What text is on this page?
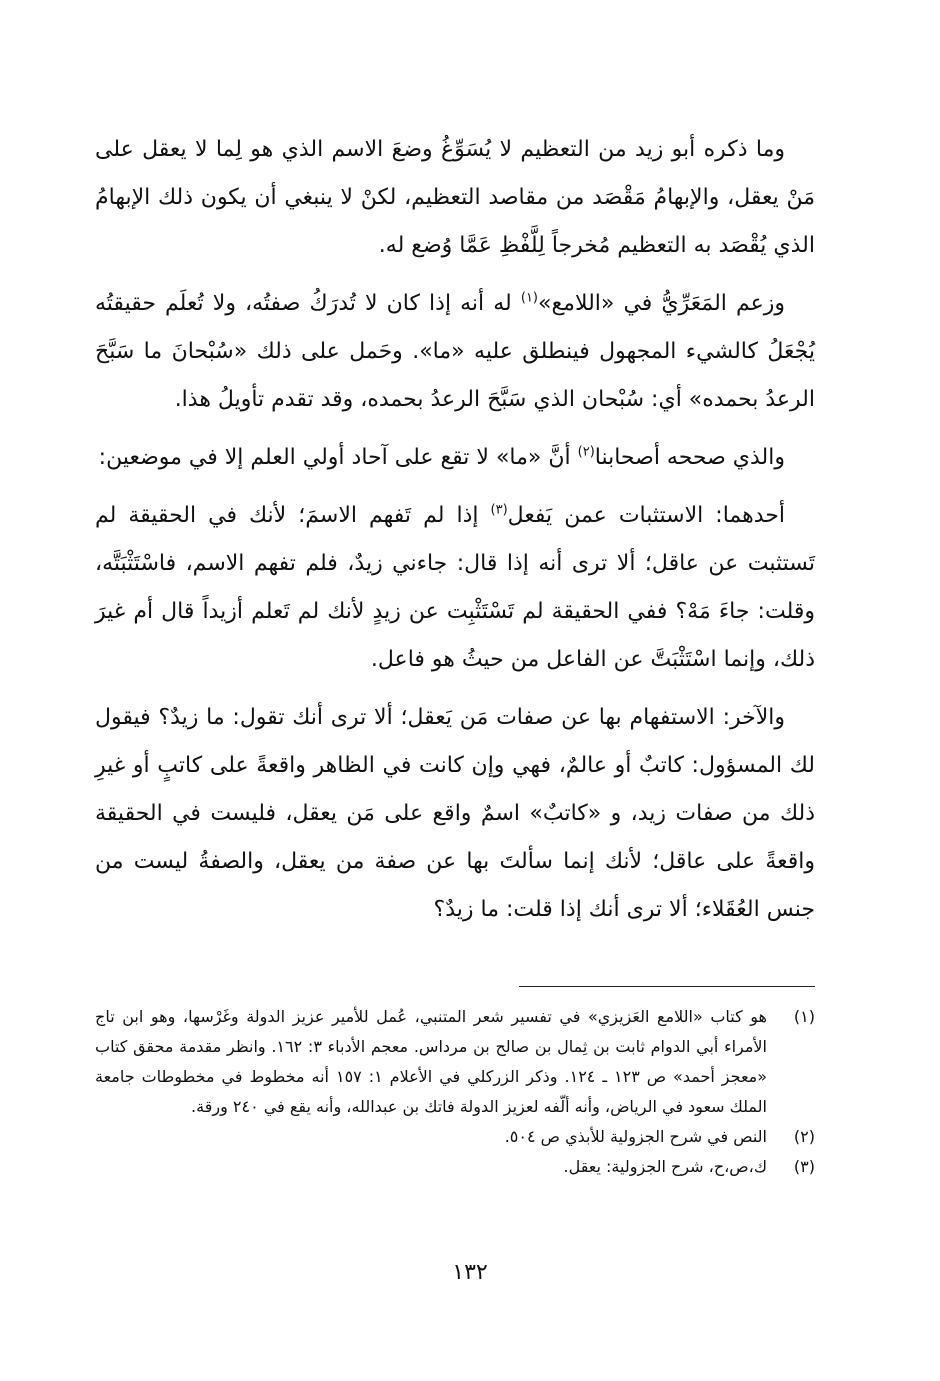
وما ذكره أبو زيد من التعظيم لا يُسَوِّغُ وضعَ الاسم الذي هو لِما لا يعقل على مَنْ يعقل، والإبهامُ مَقْصَد من مقاصد التعظيم، لكنْ لا ينبغي أن يكون ذلك الإبهامُ الذي يُقْصَد به التعظيم مُخرجاً لِلَّفْظِ عَمَّا وُضع له.

وزعم المَعَرِّيُّ في «اللامع»$^{(١)}$ له أنه إذا كان لا تُدرَكُ صفتُه، ولا تُعلَم حقيقتُه يُجْعَلُ كالشيء المجهول فينطلق عليه «ما». وحَمل على ذلك «سُبْحانَ ما سَبَّحَ الرعدُ بحمده» أي: سُبْحان الذي سَبَّحَ الرعدُ بحمده، وقد تقدم تأويلُ هذا.

والذي صححه أصحابنا$^{(٢)}$ أنَّ «ما» لا تقع على آحاد أولي العلم إلا في موضعين:

أحدهما: الاستثبات عمن يَفعل$^{(٣)}$ إذا لم تَفهم الاسمَ؛ لأنك في الحقيقة لم تَستثبت عن عاقل؛ ألا ترى أنه إذا قال: جاءني زيدٌ، فلم تفهم الاسم، فاسْتَثْبَتَّه، وقلت: جاءَ مَهْ؟ ففي الحقيقة لم تَسْتَثْبِت عن زيدٍ لأنك لم تَعلم أزيداً قال أم غيرَ ذلك، وإنما اسْتَثْبَتَّ عن الفاعل من حيثُ هو فاعل.

والآخر: الاستفهام بها عن صفات مَن يَعقل؛ ألا ترى أنك تقول: ما زيدٌ؟ فيقول لك المسؤول: كاتبٌ أو عالمٌ، فهي وإن كانت في الظاهر واقعةً على كاتبٍ أو غيرِ ذلك من صفات زيد، و «كاتبٌ» اسمٌ واقع على مَن يعقل، فليست في الحقيقة واقعةً على عاقل؛ لأنك إنما سألتَ بها عن صفة من يعقل، والصفةُ ليست من جنس العُقَلاء؛ ألا ترى أنك إذا قلت: ما زيدٌ؟

(١)
هو كتاب «اللامع العَزيزي» في تفسير شعر المتنبي، عُمل للأمير عزيز الدولة وغَرْسها، وهو ابن تاج الأمراء أبي الدوام ثابت بن ثِمال بن صالح بن مرداس. معجم الأدباء ٣: ١٦٢. وانظر مقدمة محقق كتاب «معجز أحمد» ص ١٢٣ ـ ١٢٤. وذكر الزركلي في الأعلام ١: ١٥٧ أنه مخطوط في مخطوطات جامعة الملك سعود في الرياض، وأنه ألّفه لعزيز الدولة فاتك بن عبدالله، وأنه يقع في ٢٤٠ ورقة.
(٢)
النص في شرح الجزولية للأبذي ص ٥٠٤.
(٣)
ك،ص،ح، شرح الجزولية: يعقل.
١٣٢
